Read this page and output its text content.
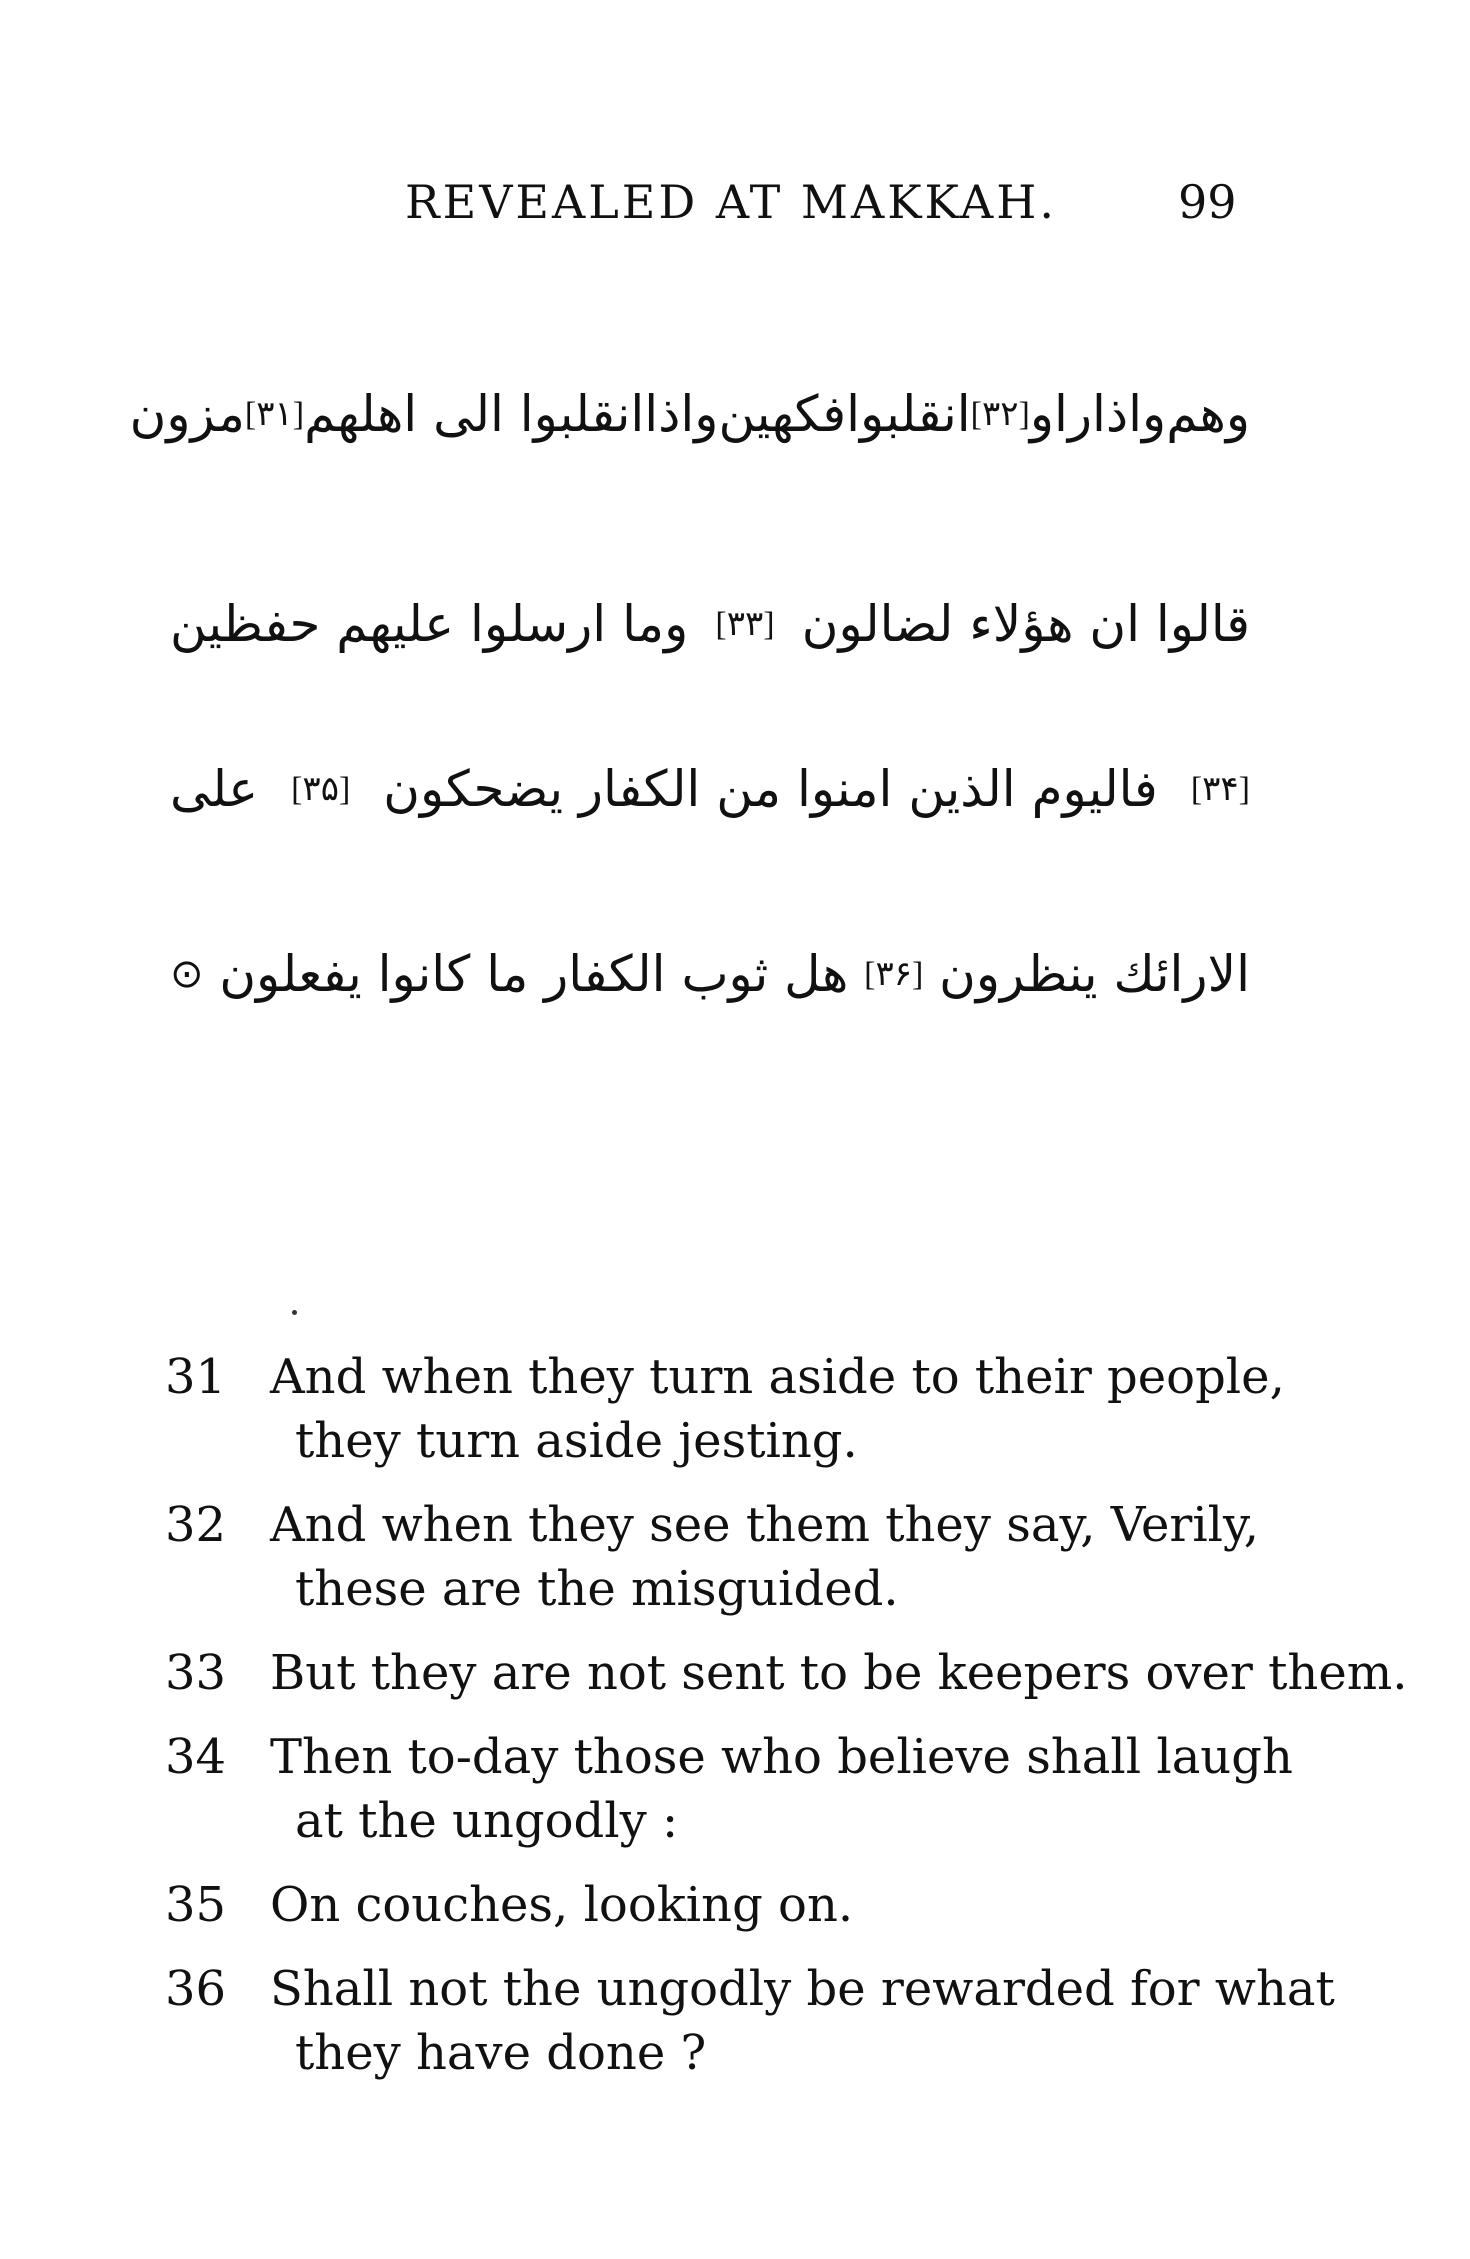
REVEALED AT MAKKAH.	99
وهم
واذاراو
[۳۲]
انقلبوافكهين
واذاانقلبوا الی اهلهم
[۳۱]
مزون
قالوا ان هؤلاء لضالون
[۳۳]
وما ارسلوا عليهم حفظين
[۳۴]
فاليوم الذين امنوا من الكفار يضحكون
[۳۵]
على
الارائك ينظرون
[۳۶]
هل ثوب الكفار ما كانوا يفعلون
⊙
31 And when they turn aside to their people,
they turn aside jesting.
32 And when they see them they say, Verily,
these are the misguided.
33 But they are not sent to be keepers over them.
34 Then to-day those who believe shall laugh
at the ungodly :
35 On couches, looking on.
36 Shall not the ungodly be rewarded for what
they have done ?
